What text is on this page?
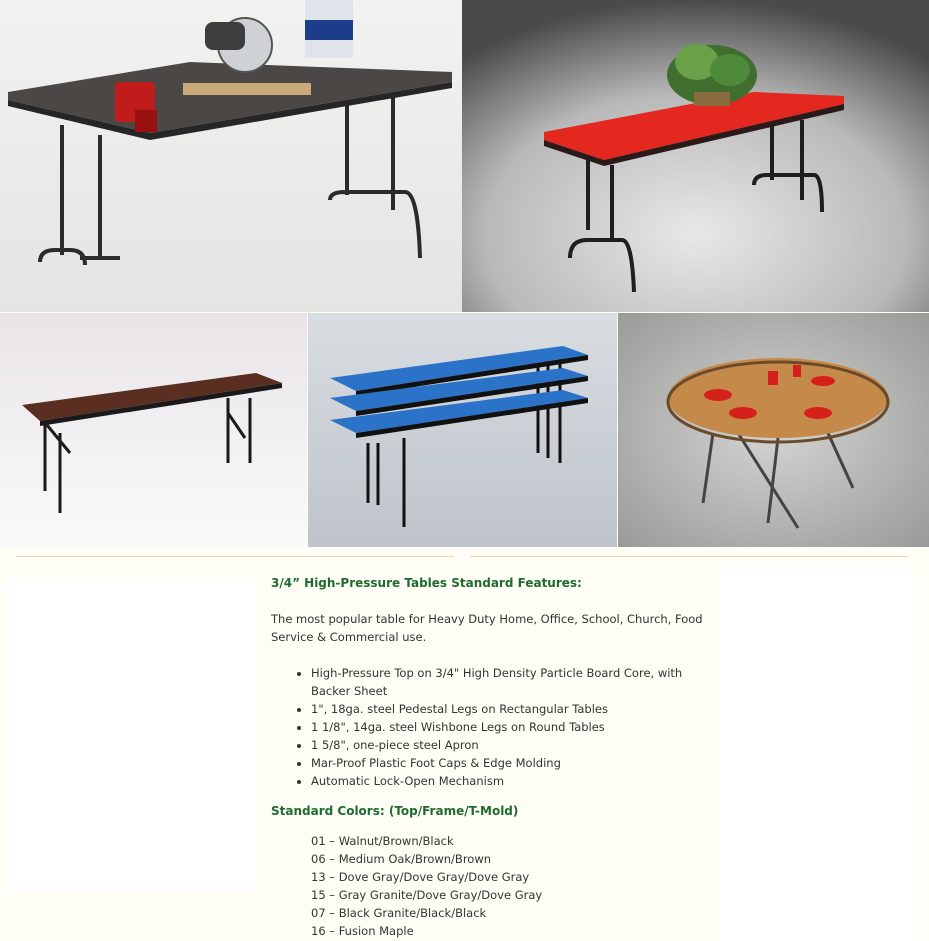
3/4” High-Pressure Tables Standard Features:
The most popular table for Heavy Duty Home, Office, School, Church, Food Service & Commercial use.
• High-Pressure Top on 3/4" High Density Particle Board Core, with Backer Sheet
• 1", 18ga. steel Pedestal Legs on Rectangular Tables
• 1 1/8", 14ga. steel Wishbone Legs on Round Tables
• 1 5/8", one-piece steel Apron
• Mar-Proof Plastic Foot Caps & Edge Molding
• Automatic Lock-Open Mechanism
Standard Colors: (Top/Frame/T-Mold)
01 – Walnut/Brown/Black
06 – Medium Oak/Brown/Brown
13 – Dove Gray/Dove Gray/Dove Gray
15 – Gray Granite/Dove Gray/Dove Gray
07 – Black Granite/Black/Black
16 – Fusion Maple
